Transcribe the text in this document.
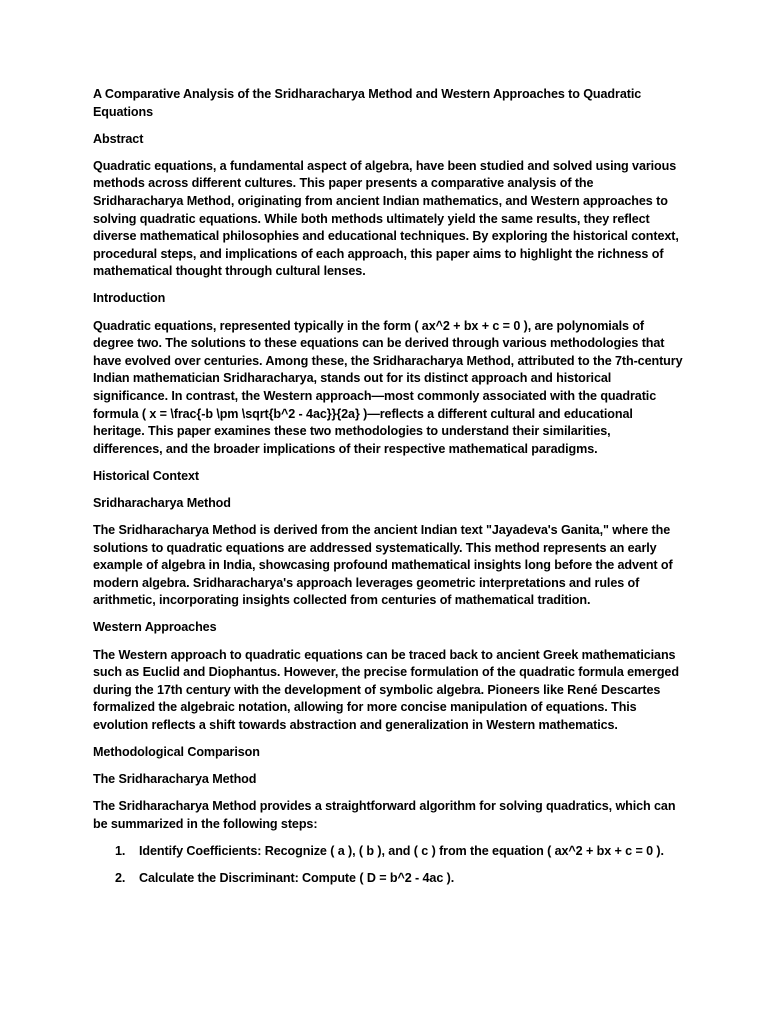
A Comparative Analysis of the Sridharacharya Method and Western Approaches to Quadratic Equations
Abstract
Quadratic equations, a fundamental aspect of algebra, have been studied and solved using various methods across different cultures. This paper presents a comparative analysis of the Sridharacharya Method, originating from ancient Indian mathematics, and Western approaches to solving quadratic equations. While both methods ultimately yield the same results, they reflect diverse mathematical philosophies and educational techniques. By exploring the historical context, procedural steps, and implications of each approach, this paper aims to highlight the richness of mathematical thought through cultural lenses.
Introduction
Quadratic equations, represented typically in the form ( ax^2 + bx + c = 0 ), are polynomials of degree two. The solutions to these equations can be derived through various methodologies that have evolved over centuries. Among these, the Sridharacharya Method, attributed to the 7th-century Indian mathematician Sridharacharya, stands out for its distinct approach and historical significance. In contrast, the Western approach—most commonly associated with the quadratic formula ( x = \frac{-b \pm \sqrt{b^2 - 4ac}}{2a} )—reflects a different cultural and educational heritage. This paper examines these two methodologies to understand their similarities, differences, and the broader implications of their respective mathematical paradigms.
Historical Context
Sridharacharya Method
The Sridharacharya Method is derived from the ancient Indian text "Jayadeva's Ganita," where the solutions to quadratic equations are addressed systematically. This method represents an early example of algebra in India, showcasing profound mathematical insights long before the advent of modern algebra. Sridharacharya's approach leverages geometric interpretations and rules of arithmetic, incorporating insights collected from centuries of mathematical tradition.
Western Approaches
The Western approach to quadratic equations can be traced back to ancient Greek mathematicians such as Euclid and Diophantus. However, the precise formulation of the quadratic formula emerged during the 17th century with the development of symbolic algebra. Pioneers like René Descartes formalized the algebraic notation, allowing for more concise manipulation of equations. This evolution reflects a shift towards abstraction and generalization in Western mathematics.
Methodological Comparison
The Sridharacharya Method
The Sridharacharya Method provides a straightforward algorithm for solving quadratics, which can be summarized in the following steps:
1. Identify Coefficients: Recognize ( a ), ( b ), and ( c ) from the equation ( ax^2 + bx + c = 0 ).
2. Calculate the Discriminant: Compute ( D = b^2 - 4ac ).
